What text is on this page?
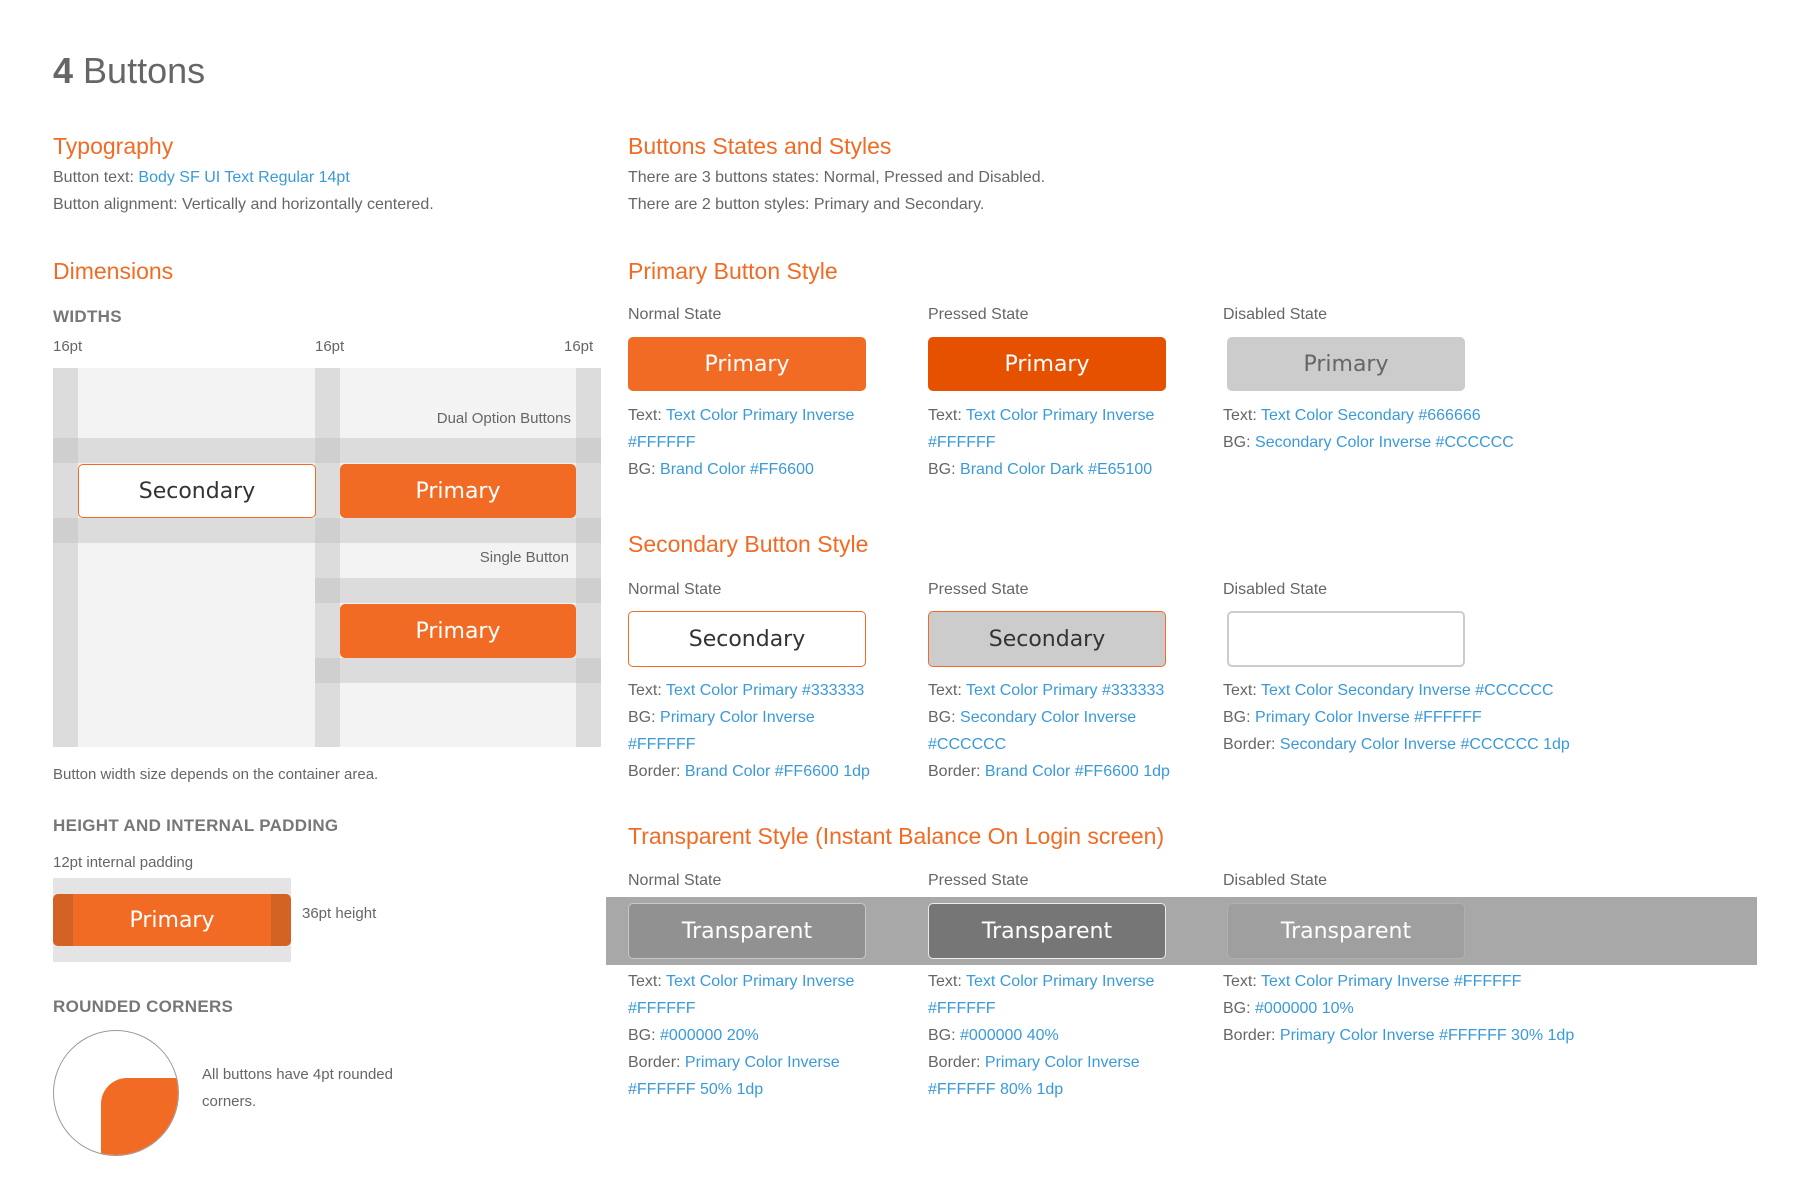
4 Buttons
Typography
Button text: Body SF UI Text Regular 14pt
Button alignment: Vertically and horizontally centered.
Dimensions
WIDTHS
16pt	16pt	16pt
Dual Option Buttons
Single Button
Secondary	Primary
Primary
Button width size depends on the container area.
HEIGHT AND INTERNAL PADDING
12pt internal padding
Primary	36pt height
ROUNDED CORNERS
All buttons have 4pt rounded
corners.
Buttons States and Styles
There are 3 buttons states: Normal, Pressed and Disabled.
There are 2 button styles: Primary and Secondary.
Primary Button Style
Normal State
Primary
Text: Text Color Primary Inverse
#FFFFFF
BG: Brand Color #FF6600
Pressed State
Primary
Text: Text Color Primary Inverse
#FFFFFF
BG: Brand Color Dark #E65100
Disabled State
Primary
Text: Text Color Secondary #666666
BG: Secondary Color Inverse #CCCCCC
Secondary Button Style
Normal State
Secondary
Text: Text Color Primary #333333
BG: Primary Color Inverse
#FFFFFF
Border: Brand Color #FF6600 1dp
Pressed State
Secondary
Text: Text Color Primary #333333
BG: Secondary Color Inverse
#CCCCCC
Border: Brand Color #FF6600 1dp
Disabled State
Text: Text Color Secondary Inverse #CCCCCC
BG: Primary Color Inverse #FFFFFF
Border: Secondary Color Inverse #CCCCCC 1dp
Transparent Style (Instant Balance On Login screen)
Normal State	Pressed State	Disabled State
Transparent	Transparent	Transparent
Text: Text Color Primary Inverse
#FFFFFF
BG: #000000 20%
Border: Primary Color Inverse
#FFFFFF 50% 1dp
Text: Text Color Primary Inverse
#FFFFFF
BG: #000000 40%
Border: Primary Color Inverse
#FFFFFF 80% 1dp
Text: Text Color Primary Inverse #FFFFFF
BG: #000000 10%
Border: Primary Color Inverse #FFFFFF 30% 1dp
